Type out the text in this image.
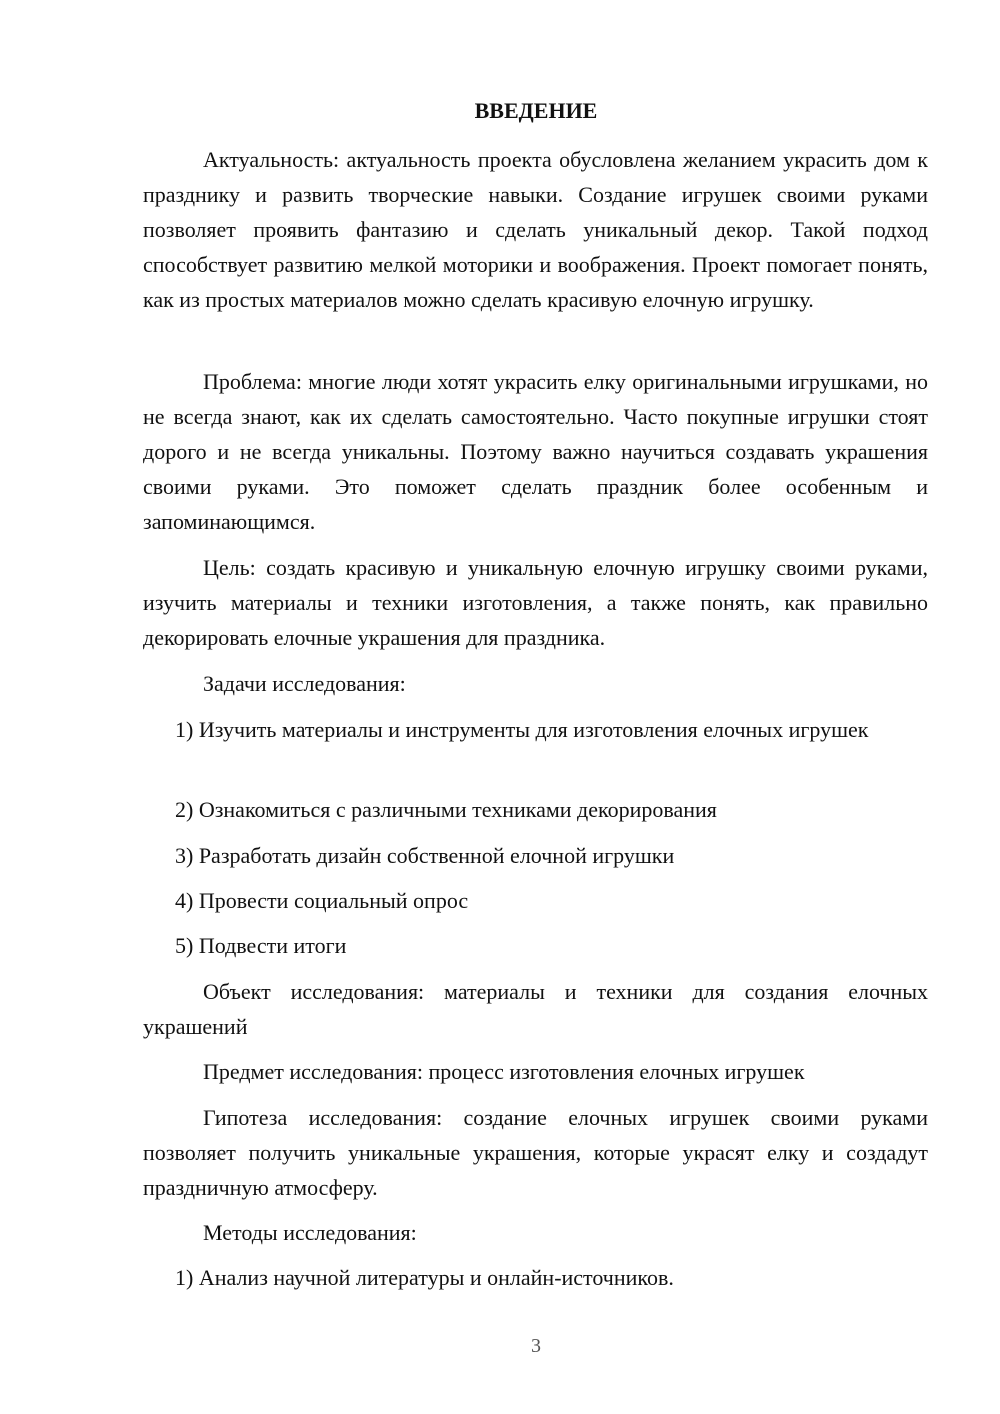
ВВЕДЕНИЕ

Актуальность: актуальность проекта обусловлена желанием украсить дом к празднику и развить творческие навыки. Создание игрушек своими руками позволяет проявить фантазию и сделать уникальный декор. Такой подход способствует развитию мелкой моторики и воображения. Проект помогает понять, как из простых материалов можно сделать красивую елочную игрушку.

Проблема: многие люди хотят украсить елку оригинальными игрушками, но не всегда знают, как их сделать самостоятельно. Часто покупные игрушки стоят дорого и не всегда уникальны. Поэтому важно научиться создавать украшения своими руками. Это поможет сделать праздник более особенным и запоминающимся.

Цель: создать красивую и уникальную елочную игрушку своими руками, изучить материалы и техники изготовления, а также понять, как правильно декорировать елочные украшения для праздника.

Задачи исследования:

1) Изучить материалы и инструменты для изготовления елочных игрушек

2) Ознакомиться с различными техниками декорирования

3) Разработать дизайн собственной елочной игрушки

4) Провести социальный опрос

5) Подвести итоги

Объект исследования: материалы и техники для создания елочных украшений

Предмет исследования: процесс изготовления елочных игрушек

Гипотеза исследования: создание елочных игрушек своими руками позволяет получить уникальные украшения, которые украсят елку и создадут праздничную атмосферу.

Методы исследования:

1) Анализ научной литературы и онлайн-источников.

3
